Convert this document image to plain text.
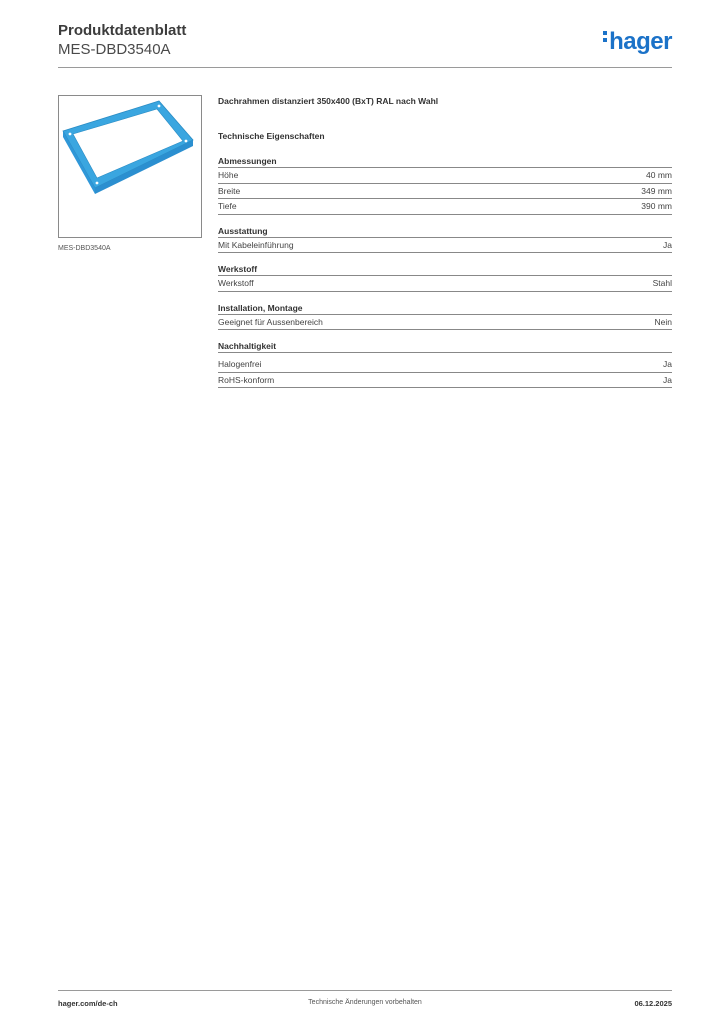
Produktdatenblatt
MES-DBD3540A	hager
MES-DBD3540A
Dachrahmen distanziert 350x400 (BxT) RAL nach Wahl
Technische Eigenschaften
Abmessungen
Höhe	40 mm
Breite	349 mm
Tiefe	390 mm
Ausstattung
Mit Kabeleinführung	Ja
Werkstoff
Werkstoff	Stahl
Installation, Montage
Geeignet für Aussenbereich	Nein
Nachhaltigkeit
Halogenfrei	Ja
RoHS-konform	Ja
hager.com/de-ch	Technische Änderungen vorbehalten	06.12.2025
